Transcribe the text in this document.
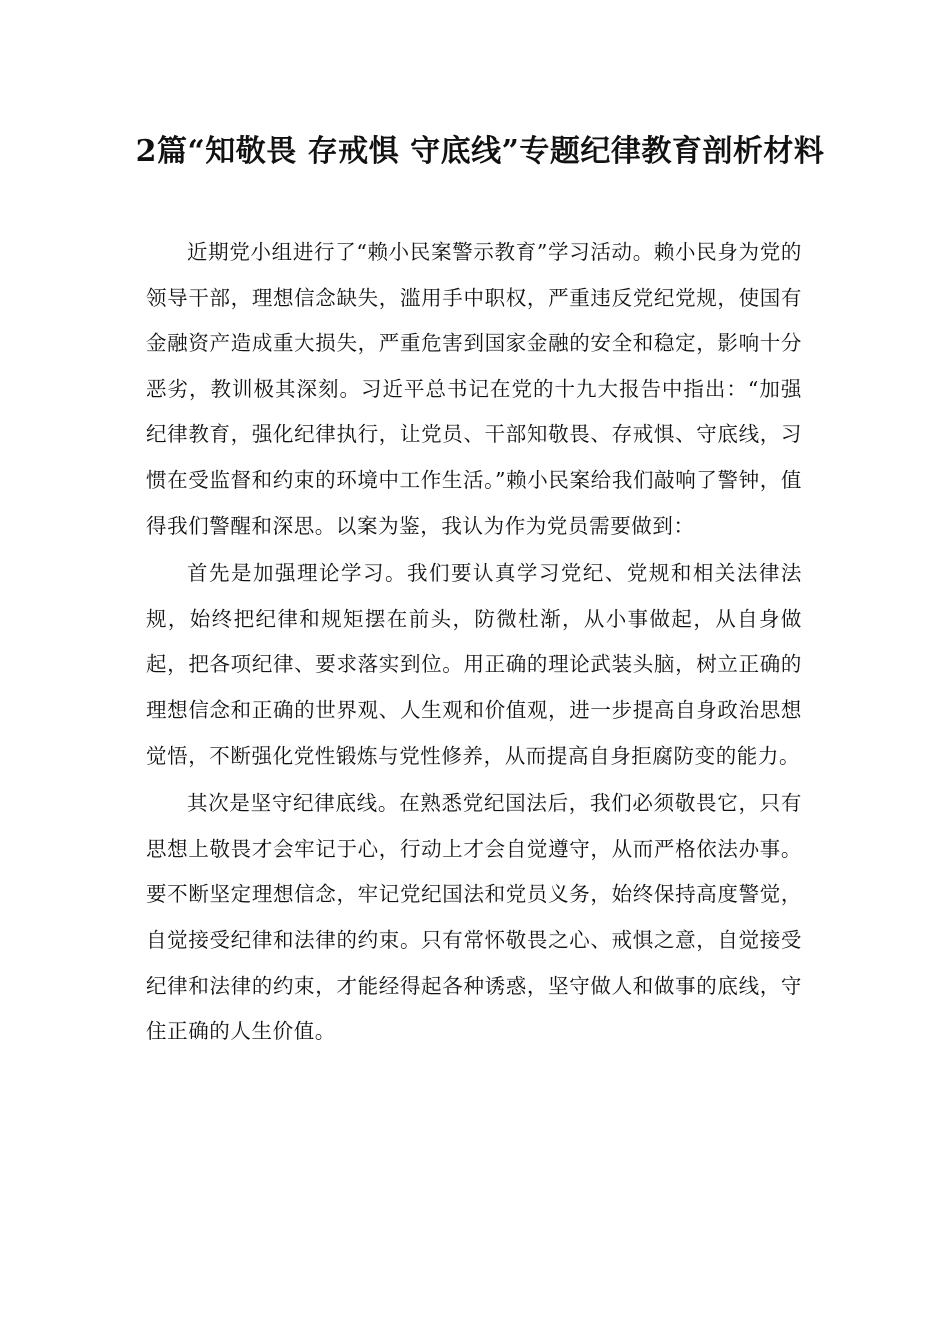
2篇“知敬畏 存戒惧 守底线”专题纪律教育剖析材料

近期党小组进行了“赖小民案警示教育”学习活动。赖小民身为党的领导干部，理想信念缺失，滥用手中职权，严重违反党纪党规，使国有金融资产造成重大损失，严重危害到国家金融的安全和稳定，影响十分恶劣，教训极其深刻。习近平总书记在党的十九大报告中指出：“加强纪律教育，强化纪律执行，让党员、干部知敬畏、存戒惧、守底线，习惯在受监督和约束的环境中工作生活。”赖小民案给我们敲响了警钟，值得我们警醒和深思。以案为鉴，我认为作为党员需要做到：

首先是加强理论学习。我们要认真学习党纪、党规和相关法律法规，始终把纪律和规矩摆在前头，防微杜渐，从小事做起，从自身做起，把各项纪律、要求落实到位。用正确的理论武装头脑，树立正确的理想信念和正确的世界观、人生观和价值观，进一步提高自身政治思想觉悟，不断强化党性锻炼与党性修养，从而提高自身拒腐防变的能力。

其次是坚守纪律底线。在熟悉党纪国法后，我们必须敬畏它，只有思想上敬畏才会牢记于心，行动上才会自觉遵守，从而严格依法办事。要不断坚定理想信念，牢记党纪国法和党员义务，始终保持高度警觉，自觉接受纪律和法律的约束。只有常怀敬畏之心、戒惧之意，自觉接受纪律和法律的约束，才能经得起各种诱惑，坚守做人和做事的底线，守住正确的人生价值。
